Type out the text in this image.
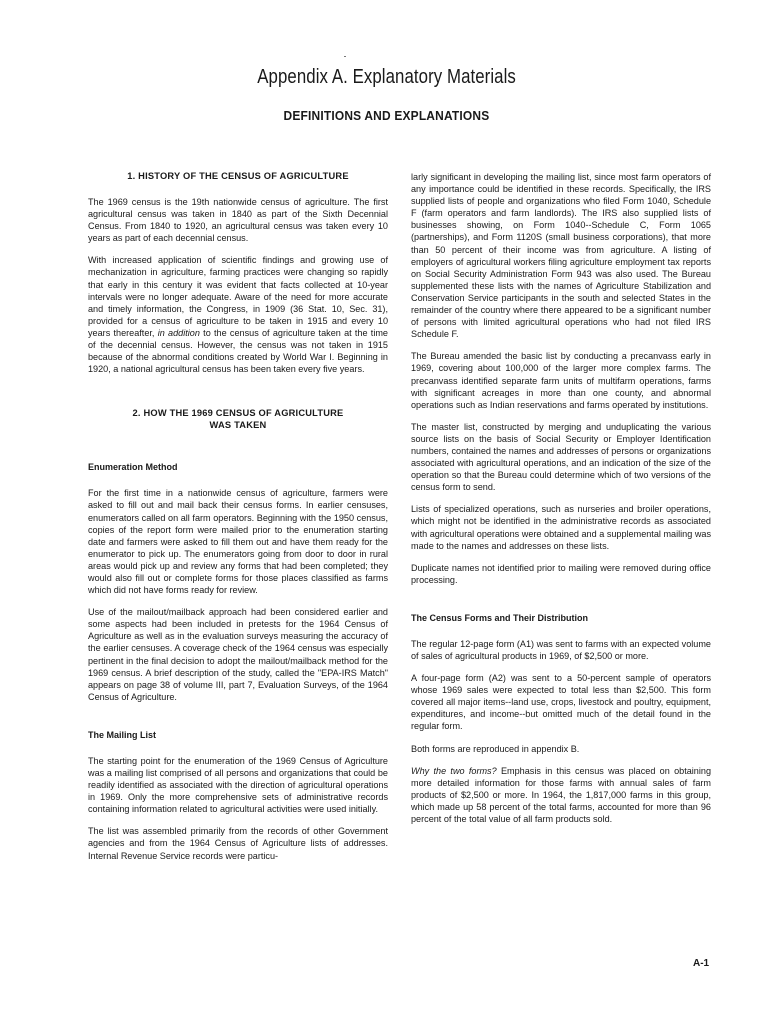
Appendix A. Explanatory Materials
DEFINITIONS AND EXPLANATIONS
1. HISTORY OF THE CENSUS OF AGRICULTURE

The 1969 census is the 19th nationwide census of agriculture. The first agricultural census was taken in 1840 as part of the Sixth Decennial Census. From 1840 to 1920, an agricultural census was taken every 10 years as part of each decennial census.

With increased application of scientific findings and growing use of mechanization in agriculture, farming practices were changing so rapidly that early in this century it was evident that facts collected at 10-year intervals were no longer adequate. Aware of the need for more accurate and timely information, the Congress, in 1909 (36 Stat. 10, Sec. 31), provided for a census of agriculture to be taken in 1915 and every 10 years thereafter, in addition to the census of agriculture taken at the time of the decennial census. However, the census was not taken in 1915 because of the abnormal conditions created by World War I. Beginning in 1920, a national agricultural census has been taken every five years.

2. HOW THE 1969 CENSUS OF AGRICULTURE WAS TAKEN
Enumeration Method

For the first time in a nationwide census of agriculture, farmers were asked to fill out and mail back their census forms. In earlier censuses, enumerators called on all farm operators. Beginning with the 1950 census, copies of the report form were mailed prior to the enumeration starting date and farmers were asked to fill them out and have them ready for the enumerator to pick up. The enumerators going from door to door in rural areas would pick up and review any forms that had been completed; they would also fill out or complete forms for those places classified as farms which did not have forms ready for review.

Use of the mailout/mailback approach had been considered earlier and some aspects had been included in pretests for the 1964 Census of Agriculture as well as in the evaluation surveys measuring the accuracy of the earlier censuses. A coverage check of the 1964 census was especially pertinent in the final decision to adopt the mailout/mailback method for the 1969 census. A brief description of the study, called the "EPA-IRS Match" appears on page 38 of volume III, part 7, Evaluation Surveys, of the 1964 Census of Agriculture.

The Mailing List

The starting point for the enumeration of the 1969 Census of Agriculture was a mailing list comprised of all persons and organizations that could be readily identified as associated with the direction of agricultural operations in 1969. Only the more comprehensive sets of administrative records containing information related to agricultural activities were used initially.

The list was assembled primarily from the records of other Government agencies and from the 1964 Census of Agriculture lists of addresses. Internal Revenue Service records were particu-

larly significant in developing the mailing list, since most farm operators of any importance could be identified in these records. Specifically, the IRS supplied lists of people and organizations who filed Form 1040, Schedule F (farm operators and farm landlords). The IRS also supplied lists of businesses showing, on Form 1040--Schedule C, Form 1065 (partnerships), and Form 1120S (small business corporations), that more than 50 percent of their income was from agriculture. A listing of employers of agricultural workers filing agriculture employment tax reports on Social Security Administration Form 943 was also used. The Bureau supplemented these lists with the names of Agriculture Stabilization and Conservation Service participants in the south and selected States in the remainder of the country where there appeared to be a significant number of persons with limited agricultural operations who had not filed IRS Schedule F.

The Bureau amended the basic list by conducting a precanvass early in 1969, covering about 100,000 of the larger more complex farms. The precanvass identified separate farm units of multifarm operations, farms with significant acreages in more than one county, and abnormal operations such as Indian reservations and farms operated by institutions.

The master list, constructed by merging and unduplicating the various source lists on the basis of Social Security or Employer Identification numbers, contained the names and addresses of persons or organizations associated with agricultural operations, and an indication of the size of the operation so that the Bureau could determine which of two versions of the census form to send.

Lists of specialized operations, such as nurseries and broiler operations, which might not be identified in the administrative records as associated with agricultural operations were obtained and a supplemental mailing was made to the names and addresses on these lists.

Duplicate names not identified prior to mailing were removed during office processing.

The Census Forms and Their Distribution

The regular 12-page form (A1) was sent to farms with an expected volume of sales of agricultural products in 1969, of $2,500 or more.

A four-page form (A2) was sent to a 50-percent sample of operators whose 1969 sales were expected to total less than $2,500. This form covered all major items--land use, crops, livestock and poultry, equipment, expenditures, and income--but omitted much of the detail found in the regular form.

Both forms are reproduced in appendix B.

Why the two forms? Emphasis in this census was placed on obtaining more detailed information for those farms with annual sales of farm products of $2,500 or more. In 1964, the 1,817,000 farms in this group, which made up 58 percent of the total farms, accounted for more than 96 percent of the total value of all farm products sold.

A-1
